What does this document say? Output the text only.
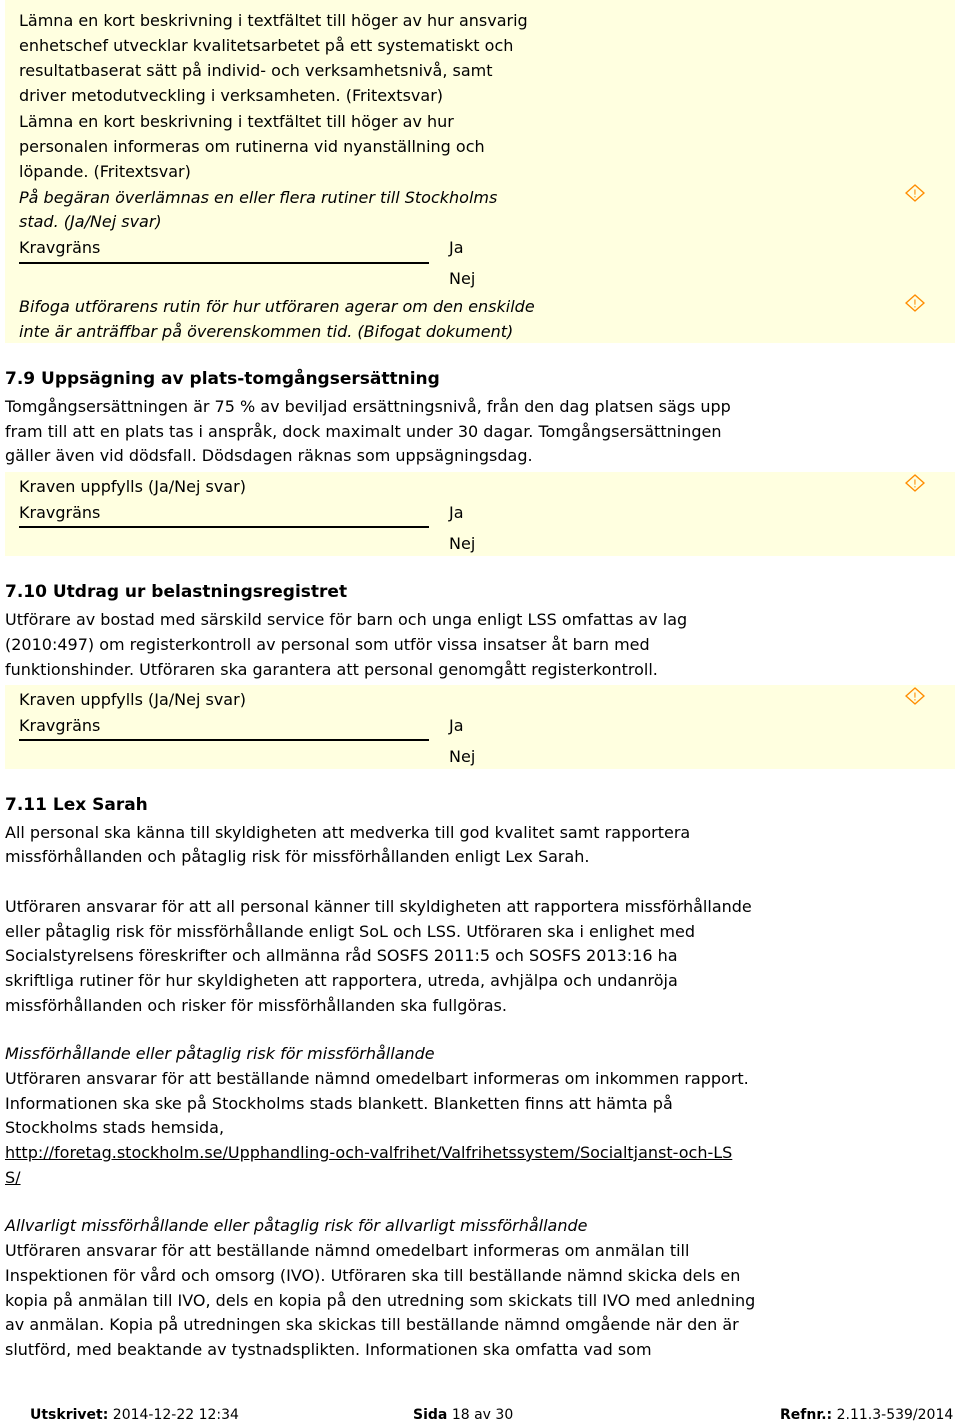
Lämna en kort beskrivning i textfältet till höger av hur ansvarig
enhetschef utvecklar kvalitetsarbetet på ett systematiskt och
resultatbaserat sätt på individ- och verksamhetsnivå, samt
driver metodutveckling i verksamheten. (Fritextsvar)
Lämna en kort beskrivning i textfältet till höger av hur
personalen informeras om rutinerna vid nyanställning och
löpande. (Fritextsvar)
På begäran överlämnas en eller flera rutiner till Stockholms
stad. (Ja/Nej svar)
Kravgräns	Ja
Nej
Bifoga utförarens rutin för hur utföraren agerar om den enskilde
inte är anträffbar på överenskommen tid. (Bifogat dokument)
!
!
7.9 Uppsägning av plats-tomgångsersättning
Tomgångsersättningen är 75 % av beviljad ersättningsnivå, från den dag platsen sägs upp
fram till att en plats tas i anspråk, dock maximalt under 30 dagar. Tomgångsersättningen
gäller även vid dödsfall. Dödsdagen räknas som uppsägningsdag.
Kraven uppfylls (Ja/Nej svar)
Kravgräns	Ja
Nej
!
7.10 Utdrag ur belastningsregistret
Utförare av bostad med särskild service för barn och unga enligt LSS omfattas av lag
(2010:497) om registerkontroll av personal som utför vissa insatser åt barn med
funktionshinder. Utföraren ska garantera att personal genomgått registerkontroll.
Kraven uppfylls (Ja/Nej svar)
Kravgräns	Ja
Nej
!
7.11 Lex Sarah
All personal ska känna till skyldigheten att medverka till god kvalitet samt rapportera
missförhållanden och påtaglig risk för missförhållanden enligt Lex Sarah.
Utföraren ansvarar för att all personal känner till skyldigheten att rapportera missförhållande
eller påtaglig risk för missförhållande enligt SoL och LSS. Utföraren ska i enlighet med
Socialstyrelsens föreskrifter och allmänna råd SOSFS 2011:5 och SOSFS 2013:16 ha
skriftliga rutiner för hur skyldigheten att rapportera, utreda, avhjälpa och undanröja
missförhållanden och risker för missförhållanden ska fullgöras.
Missförhållande eller påtaglig risk för missförhållande
Utföraren ansvarar för att beställande nämnd omedelbart informeras om inkommen rapport.
Informationen ska ske på Stockholms stads blankett. Blanketten finns att hämta på
Stockholms stads hemsida,
http://foretag.stockholm.se/Upphandling-och-valfrihet/Valfrihetssystem/Socialtjanst-och-LS
S/
Allvarligt missförhållande eller påtaglig risk för allvarligt missförhållande
Utföraren ansvarar för att beställande nämnd omedelbart informeras om anmälan till
Inspektionen för vård och omsorg (IVO). Utföraren ska till beställande nämnd skicka dels en
kopia på anmälan till IVO, dels en kopia på den utredning som skickats till IVO med anledning
av anmälan. Kopia på utredningen ska skickas till beställande nämnd omgående när den är
slutförd, med beaktande av tystnadsplikten. Informationen ska omfatta vad som
Utskrivet: 2014-12-22 12:34	Sida 18 av 30	Refnr.: 2.11.3-539/2014
